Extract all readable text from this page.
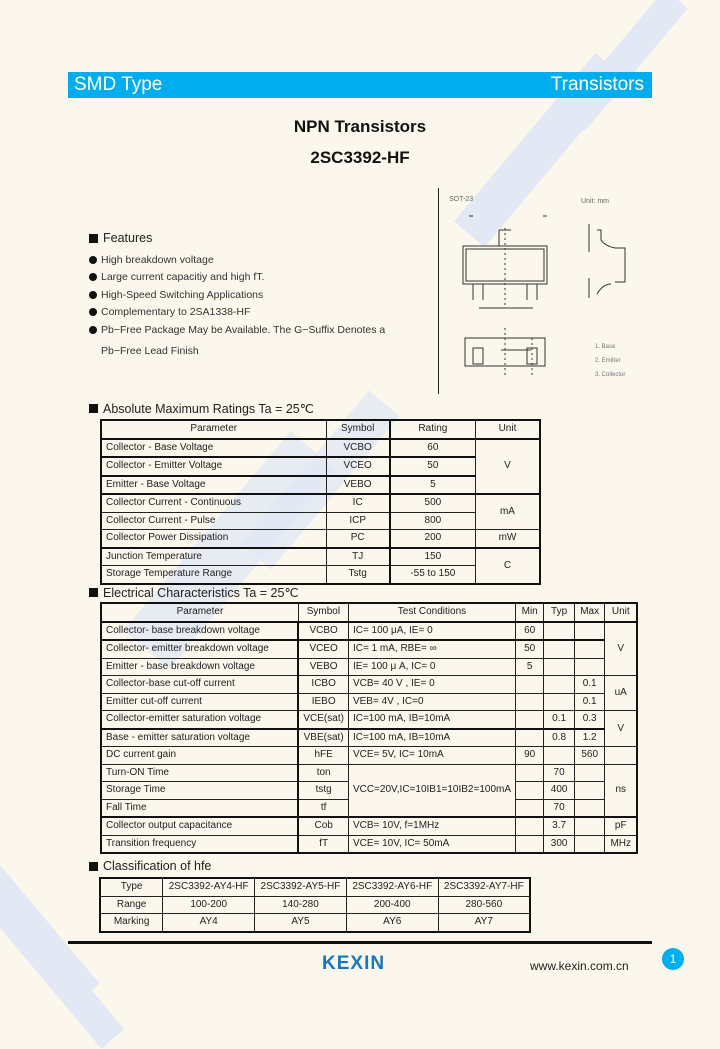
SMD Type	Transistors
NPN Transistors
2SC3392-HF
Features
High breakdown voltage
Large current capacitiy and high fT.
High-Speed Switching Applications
Complementary to 2SA1338-HF
Pb−Free Package May be Available. The G−Suffix Denotes a
Pb−Free Lead Finish
SOT-23	Unit: mm
1. Base
2. Emitter
3. Collector
Absolute Maximum Ratings Ta = 25℃
Parameter	Symbol	Rating	Unit
Collector - Base Voltage	VCBO	60	V
Collector - Emitter Voltage	VCEO	50	
Emitter - Base Voltage	VEBO	5	
Collector Current - Continuous	IC	500	mA
Collector Current - Pulse	ICP	800	
Collector Power Dissipation	PC	200	mW
Junction Temperature	TJ	150	C
Storage Temperature Range	Tstg	-55 to 150	
Electrical Characteristics Ta = 25℃
Parameter	Symbol	Test Conditions	Min	Typ	Max	Unit
Collector- base breakdown voltage	VCBO	IC= 100 μA, IE= 0	60			V
Collector- emitter breakdown voltage	VCEO	IC= 1 mA, RBE= ∞	50			
Emitter - base breakdown voltage	VEBO	IE= 100 μ A, IC= 0	5			
Collector-base cut-off current	ICBO	VCB= 40 V , IE= 0			0.1	uA
Emitter cut-off current	IEBO	VEB= 4V , IC=0			0.1	
Collector-emitter saturation voltage	VCE(sat)	IC=100 mA, IB=10mA		0.1	0.3	V
Base - emitter saturation voltage	VBE(sat)	IC=100 mA, IB=10mA		0.8	1.2	
DC current gain	hFE	VCE= 5V, IC= 10mA	90		560	
Turn-ON Time	ton	VCC=20V,IC=10IB1=10IB2=100mA		70		ns
Storage Time	tstg			400		
Fall Time	tf			70		
Collector output capacitance	Cob	VCB= 10V, f=1MHz		3.7		pF
Transition frequency	fT	VCE= 10V, IC= 50mA		300		MHz
Classification of hfe
Type	2SC3392-AY4-HF	2SC3392-AY5-HF	2SC3392-AY6-HF	2SC3392-AY7-HF
Range	100-200	140-280	200-400	280-560
Marking	AY4	AY5	AY6	AY7
KEXIN	www.kexin.com.cn	1
